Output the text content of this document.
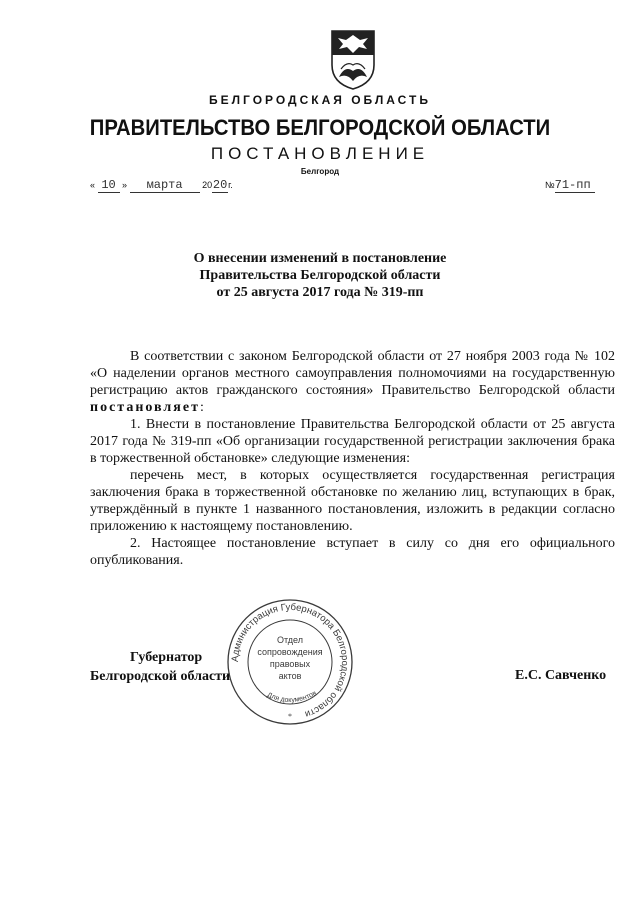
БЕЛГОРОДСКАЯ ОБЛАСТЬ
ПРАВИТЕЛЬСТВО БЕЛГОРОДСКОЙ ОБЛАСТИ
ПОСТАНОВЛЕНИЕ
Белгород
« 10 » марта 2020г.	№71-пп
О внесении изменений в постановление
Правительства Белгородской области
от 25 августа 2017 года № 319-пп

В соответствии с законом Белгородской области от 27 ноября 2003 года № 102 «О наделении органов местного самоуправления полномочиями на государственную регистрацию актов гражданского состояния» Правительство Белгородской области постановляет:

1. Внести в постановление Правительства Белгородской области от 25 августа 2017 года № 319-пп «Об организации государственной регистрации заключения брака в торжественной обстановке» следующие изменения:

перечень мест, в которых осуществляется государственная регистрация заключения брака в торжественной обстановке по желанию лиц, вступающих в брак, утверждённый в пункте 1 названного постановления, изложить в редакции согласно приложению к настоящему постановлению.

2. Настоящее постановление вступает в силу со дня его официального опубликования.

Администрация Губернатора Белгородской области
Для документов
Отдел
сопровождения
правовых
актов
*
Губернатор
Белгородской области	Е.С. Савченко
